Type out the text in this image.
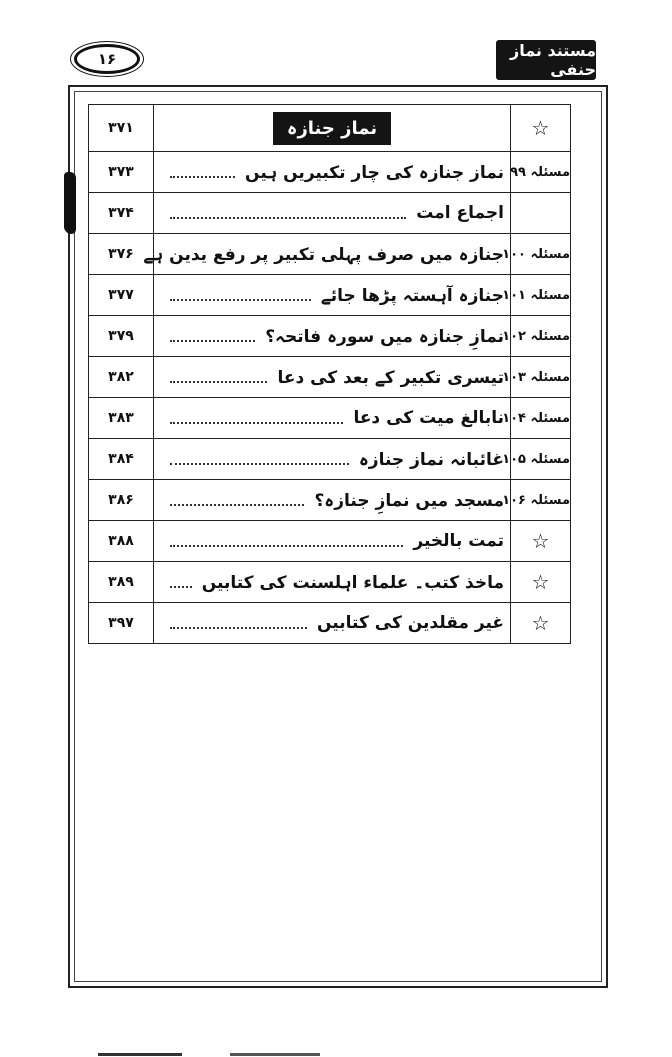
۱۶	مستند نماز حنفی
☆	نماز جنازہ	۳۷۱
مسئلہ ۹۹	نماز جنازہ کی چار تکبیریں ہیں	۳۷۳

	اجماع امت	۳۷۴
مسئلہ ۱۰۰	جنازہ میں صرف پہلی تکبیر پر رفع یدین ہے	۳۷۶
مسئلہ ۱۰۱	جنازہ آہستہ پڑھا جائے	۳۷۷
مسئلہ ۱۰۲	نمازِ جنازہ میں سورہ فاتحہ؟	۳۷۹
مسئلہ ۱۰۳	تیسری تکبیر کے بعد کی دعا	۳۸۲
مسئلہ ۱۰۴	نابالغ میت کی دعا	۳۸۳
مسئلہ ۱۰۵	غائبانہ نماز جنازہ	۳۸۴
مسئلہ ۱۰۶	مسجد میں نمازِ جنازہ؟	۳۸۶
☆	تمت بالخیر	۳۸۸
☆	ماخذ کتب۔ علماء اہلسنت کی کتابیں	۳۸۹
☆	غیر مقلدین کی کتابیں	۳۹۷
